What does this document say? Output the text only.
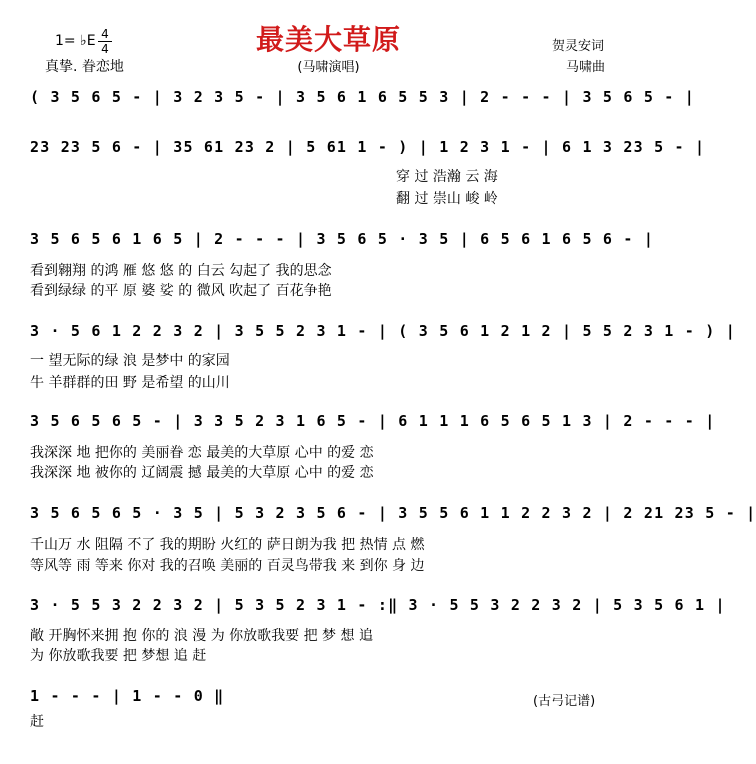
最美大草原
1= ♭E 4
4
真挚. 眷恋地	(马啸演唱)
贺灵安词
马啸曲
( 3 5 6 5 - | 3 2 3 5 - | 3 5 6 1 6 5 5 3 | 2 - - - | 3 5 6 5 - |
23 23 5 6 - | 35 61 23 2 | 5 61 1 - ) | 1 2 3 1 - | 6 1 3 23 5 - |
穿 过 浩瀚 云 海
翻 过 崇山 峻 岭
3 5 6 5 6 1 6 5 | 2 - - - | 3 5 6 5 · 3 5 | 6 5 6 1 6 5 6 - |
看到翱翔 的鸿 雁 悠 悠 的 白云 勾起了 我的思念
看到绿绿 的平 原 婆 娑 的 微风 吹起了 百花争艳
3 · 5 6 1 2 2 3 2 | 3 5 5 2 3 1 - | ( 3 5 6 1 2 1 2 | 5 5 2 3 1 - ) |
一 望无际的绿 浪 是梦中 的家园
牛 羊群群的田 野 是希望 的山川
3 5 6 5 6 5 - | 3 3 5 2 3 1 6 5 - | 6 1 1 1 6 5 6 5 1 3 | 2 - - - |
我深深 地 把你的 美丽眷 恋 最美的大草原 心中 的爱 恋
我深深 地 被你的 辽阔震 撼 最美的大草原 心中 的爱 恋
3 5 6 5 6 5 · 3 5 | 5 3 2 3 5 6 - | 3 5 5 6 1 1 2 2 3 2 | 2 21 23 5 - |
千山万 水 阻隔 不了 我的期盼 火红的 萨日朗为我 把 热情 点 燃
等风等 雨 等来 你对 我的召唤 美丽的 百灵鸟带我 来 到你 身 边
3 · 5 5 3 2 2 3 2 | 5 3 5 2 3 1 - :‖ 3 · 5 5 3 2 2 3 2 | 5 3 5 6 1 |
敞 开胸怀来拥 抱 你的 浪 漫 为 你放歌我要 把 梦 想 追
为 你放歌我要 把 梦想 追 赶
1 - - - | 1 - - 0 ‖
赶
(古弓记谱)
